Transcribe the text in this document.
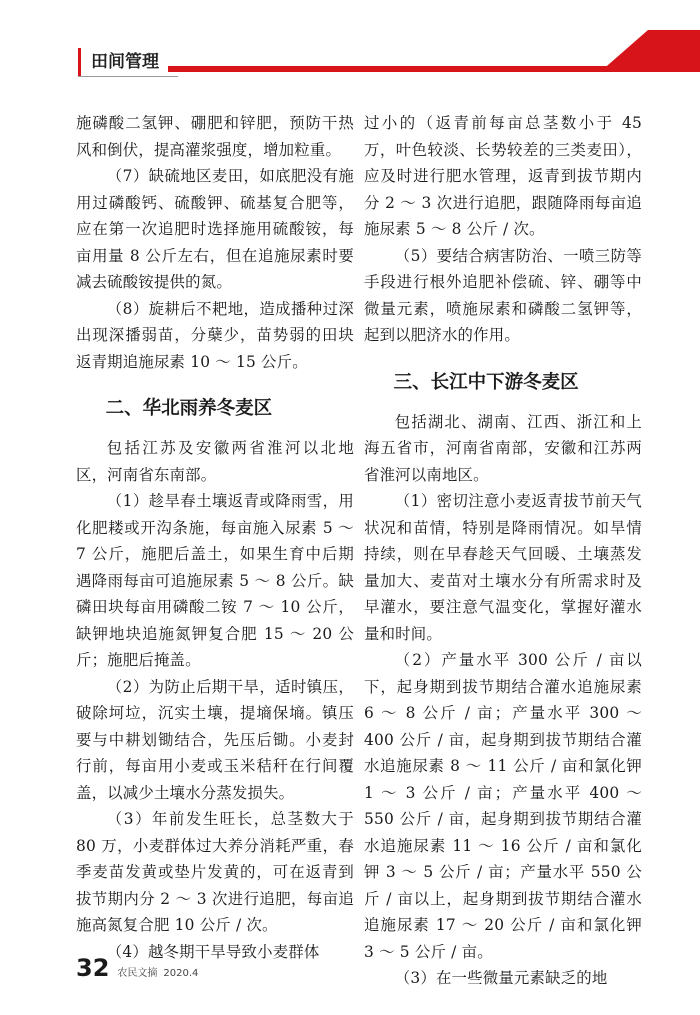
田间管理

施磷酸二氢钾、硼肥和锌肥，预防干热风和倒伏，提高灌浆强度，增加粒重。

（7）缺硫地区麦田，如底肥没有施用过磷酸钙、硫酸钾、硫基复合肥等，应在第一次追肥时选择施用硫酸铵，每亩用量 8 公斤左右，但在追施尿素时要减去硫酸铵提供的氮。

（8）旋耕后不耙地，造成播种过深出现深播弱苗，分蘖少，苗势弱的田块返青期追施尿素 10 ～ 15 公斤。

二、华北雨养冬麦区

包括江苏及安徽两省淮河以北地区，河南省东南部。

（1）趁旱春土壤返青或降雨雪，用化肥耧或开沟条施，每亩施入尿素 5 ～ 7 公斤，施肥后盖土，如果生育中后期遇降雨每亩可追施尿素 5 ～ 8 公斤。缺磷田块每亩用磷酸二铵 7 ～ 10 公斤，缺钾地块追施氮钾复合肥 15 ～ 20 公斤；施肥后掩盖。

（2）为防止后期干旱，适时镇压，破除坷垃，沉实土壤，提墒保墒。镇压要与中耕划锄结合，先压后锄。小麦封行前，每亩用小麦或玉米秸秆在行间覆盖，以减少土壤水分蒸发损失。

（3）年前发生旺长，总茎数大于 80 万，小麦群体过大养分消耗严重，春季麦苗发黄或垫片发黄的，可在返青到拔节期内分 2 ～ 3 次进行追肥，每亩追施高氮复合肥 10 公斤 / 次。

（4）越冬期干旱导致小麦群体

过小的（返青前每亩总茎数小于 45 万，叶色较淡、长势较差的三类麦田），应及时进行肥水管理，返青到拔节期内分 2 ～ 3 次进行追肥，跟随降雨每亩追施尿素 5 ～ 8 公斤 / 次。

（5）要结合病害防治、一喷三防等手段进行根外追肥补偿硫、锌、硼等中微量元素，喷施尿素和磷酸二氢钾等，起到以肥济水的作用。

三、长江中下游冬麦区

包括湖北、湖南、江西、浙江和上海五省市，河南省南部，安徽和江苏两省淮河以南地区。

（1）密切注意小麦返青拔节前天气状况和苗情，特别是降雨情况。如旱情持续，则在早春趁天气回暖、土壤蒸发量加大、麦苗对土壤水分有所需求时及早灌水，要注意气温变化，掌握好灌水量和时间。

（2）产量水平 300 公斤 / 亩以下，起身期到拔节期结合灌水追施尿素 6 ～ 8 公斤 / 亩；产量水平 300 ～ 400 公斤 / 亩，起身期到拔节期结合灌水追施尿素 8 ～ 11 公斤 / 亩和氯化钾 1 ～ 3 公斤 / 亩；产量水平 400 ～ 550 公斤 / 亩，起身期到拔节期结合灌水追施尿素 11 ～ 16 公斤 / 亩和氯化钾 3 ～ 5 公斤 / 亩；产量水平 550 公斤 / 亩以上，起身期到拔节期结合灌水追施尿素 17 ～ 20 公斤 / 亩和氯化钾 3 ～ 5 公斤 / 亩。

（3）在一些微量元素缺乏的地

32 农民文摘 2020.4
